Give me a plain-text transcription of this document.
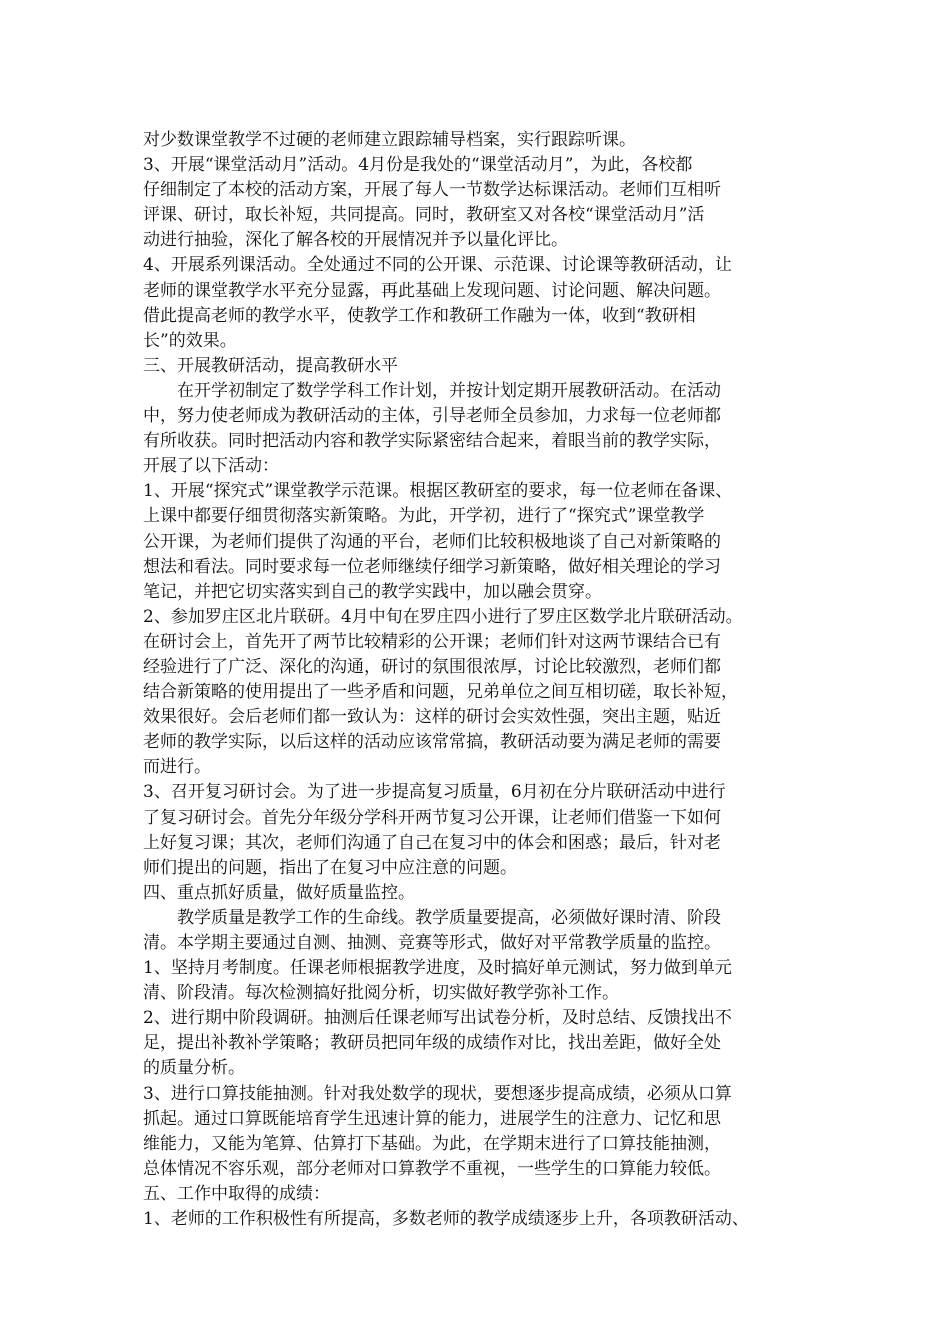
对少数课堂教学不过硬的老师建立跟踪辅导档案，实行跟踪听课。
3、开展“课堂活动月”活动。4月份是我处的“课堂活动月”，为此，各校都
仔细制定了本校的活动方案，开展了每人一节数学达标课活动。老师们互相听
评课、研讨，取长补短，共同提高。同时，教研室又对各校“课堂活动月”活
动进行抽验，深化了解各校的开展情况并予以量化评比。
4、开展系列课活动。全处通过不同的公开课、示范课、讨论课等教研活动，让
老师的课堂教学水平充分显露，再此基础上发现问题、讨论问题、解决问题。
借此提高老师的教学水平，使教学工作和教研工作融为一体，收到“教研相
长”的效果。
三、开展教研活动，提高教研水平
　　在开学初制定了数学学科工作计划，并按计划定期开展教研活动。在活动
中，努力使老师成为教研活动的主体，引导老师全员参加，力求每一位老师都
有所收获。同时把活动内容和教学实际紧密结合起来，着眼当前的教学实际，
开展了以下活动：
1、开展“探究式”课堂教学示范课。根据区教研室的要求，每一位老师在备课、
上课中都要仔细贯彻落实新策略。为此，开学初，进行了“探究式”课堂教学
公开课，为老师们提供了沟通的平台，老师们比较积极地谈了自己对新策略的
想法和看法。同时要求每一位老师继续仔细学习新策略，做好相关理论的学习
笔记，并把它切实落实到自己的教学实践中，加以融会贯穿。
2、参加罗庄区北片联研。4月中旬在罗庄四小进行了罗庄区数学北片联研活动。
在研讨会上，首先开了两节比较精彩的公开课；老师们针对这两节课结合已有
经验进行了广泛、深化的沟通，研讨的氛围很浓厚，讨论比较激烈，老师们都
结合新策略的使用提出了一些矛盾和问题，兄弟单位之间互相切磋，取长补短，
效果很好。会后老师们都一致认为：这样的研讨会实效性强，突出主题，贴近
老师的教学实际，以后这样的活动应该常常搞，教研活动要为满足老师的需要
而进行。
3、召开复习研讨会。为了进一步提高复习质量，6月初在分片联研活动中进行
了复习研讨会。首先分年级分学科开两节复习公开课，让老师们借鉴一下如何
上好复习课；其次，老师们沟通了自己在复习中的体会和困惑；最后，针对老
师们提出的问题，指出了在复习中应注意的问题。
四、重点抓好质量，做好质量监控。
　　教学质量是教学工作的生命线。教学质量要提高，必须做好课时清、阶段
清。本学期主要通过自测、抽测、竞赛等形式，做好对平常教学质量的监控。
1、坚持月考制度。任课老师根据教学进度，及时搞好单元测试，努力做到单元
清、阶段清。每次检测搞好批阅分析，切实做好教学弥补工作。
2、进行期中阶段调研。抽测后任课老师写出试卷分析，及时总结、反馈找出不
足，提出补教补学策略；教研员把同年级的成绩作对比，找出差距，做好全处
的质量分析。
3、进行口算技能抽测。针对我处数学的现状，要想逐步提高成绩，必须从口算
抓起。通过口算既能培育学生迅速计算的能力，进展学生的注意力、记忆和思
维能力，又能为笔算、估算打下基础。为此，在学期末进行了口算技能抽测，
总体情况不容乐观，部分老师对口算教学不重视，一些学生的口算能力较低。
五、工作中取得的成绩：
1、老师的工作积极性有所提高，多数老师的教学成绩逐步上升，各项教研活动、
